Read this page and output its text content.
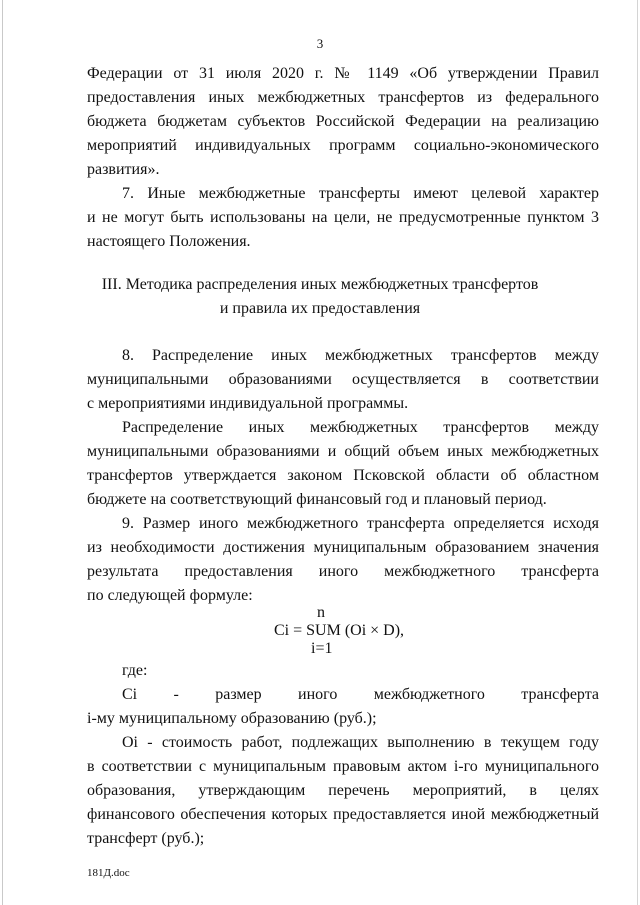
3
Федерации от 31 июля 2020 г. № 1149 «Об утверждении Правил
предоставления иных межбюджетных трансфертов из федерального
бюджета бюджетам субъектов Российской Федерации на реализацию
мероприятий индивидуальных программ социально-экономического
развития».
7. Иные межбюджетные трансферты имеют целевой характер
и не могут быть использованы на цели, не предусмотренные пунктом 3
настоящего Положения.
III. Методика распределения иных межбюджетных трансфертов
и правила их предоставления
8. Распределение иных межбюджетных трансфертов между
муниципальными образованиями осуществляется в соответствии
с мероприятиями индивидуальной программы.
Распределение иных межбюджетных трансфертов между
муниципальными образованиями и общий объем иных межбюджетных
трансфертов утверждается законом Псковской области об областном
бюджете на соответствующий финансовый год и плановый период.
9. Размер иного межбюджетного трансферта определяется исходя
из необходимости достижения муниципальным образованием значения
результата предоставления иного межбюджетного трансферта
по следующей формуле:
n
Ci = SUM (Oi × D),
i=1
где:
Ci - размер иного межбюджетного трансферта
i-му муниципальному образованию (руб.);
Oi - стоимость работ, подлежащих выполнению в текущем году
в соответствии с муниципальным правовым актом i-го муниципального
образования, утверждающим перечень мероприятий, в целях
финансового обеспечения которых предоставляется иной межбюджетный
трансферт (руб.);
181Д.doc
